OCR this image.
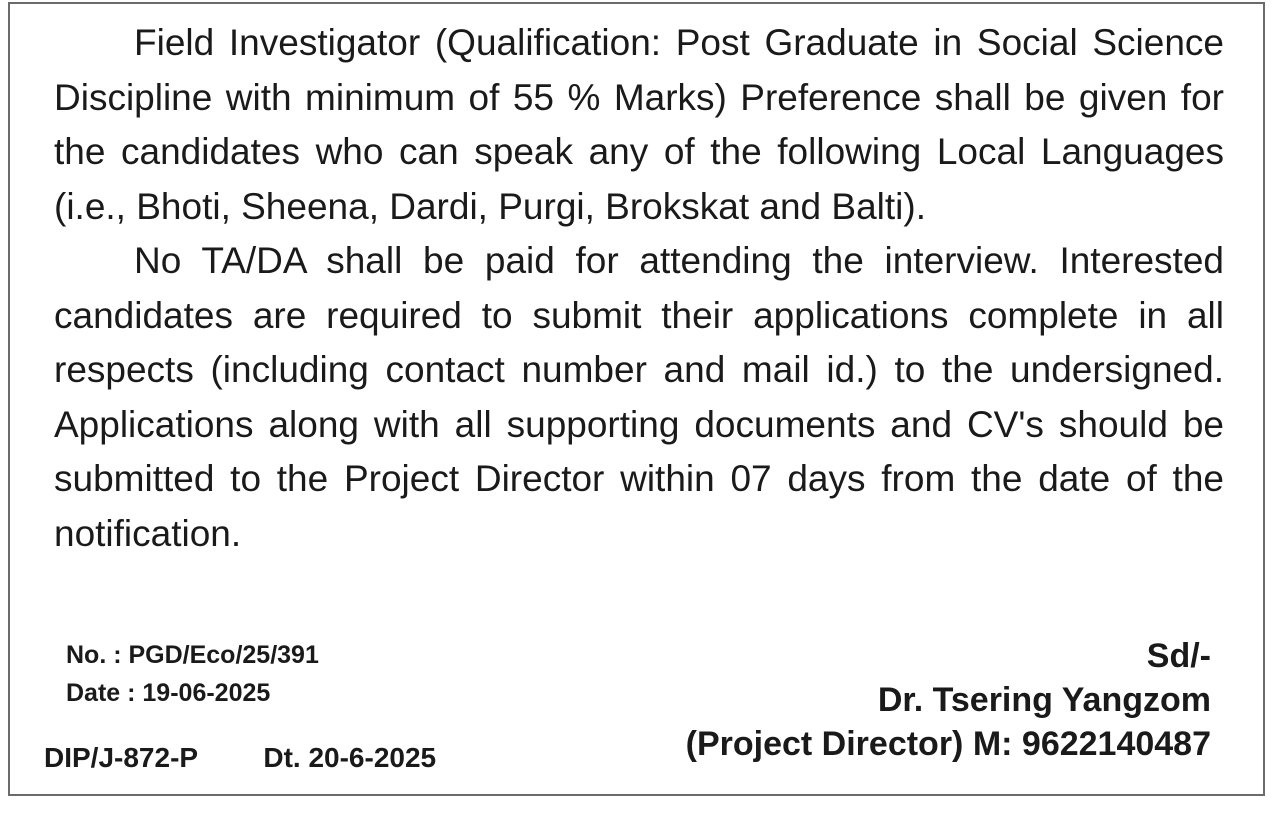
Field Investigator (Qualification: Post Graduate in Social Science Discipline with minimum of 55 % Marks) Preference shall be given for the candidates who can speak any of the following Local Languages (i.e., Bhoti, Sheena, Dardi, Purgi, Brokskat and Balti).

No TA/DA shall be paid for attending the interview. Interested candidates are required to submit their applications complete in all respects (including contact number and mail id.) to the undersigned. Applications along with all supporting documents and CV's should be submitted to the Project Director within 07 days from the date of the notification.

No. : PGD/Eco/25/391
Date : 19-06-2025
Sd/-
Dr. Tsering Yangzom
(Project Director) M: 9622140487
DIP/J-872-P Dt. 20-6-2025
